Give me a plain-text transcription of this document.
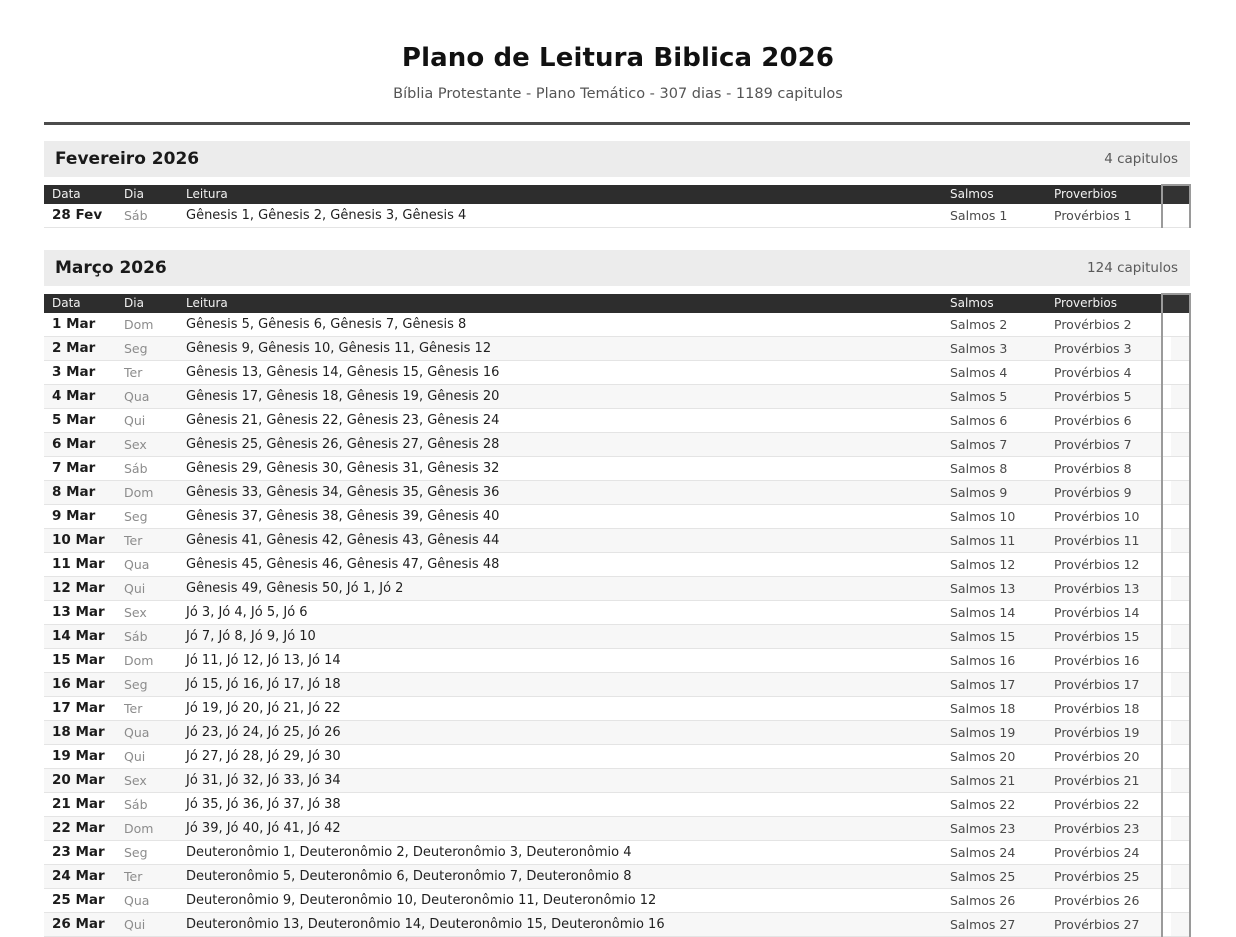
Plano de Leitura Biblica 2026
Bíblia Protestante - Plano Temático - 307 dias - 1189 capitulos
Fevereiro 2026	4 capitulos
Data	Dia	Leitura	Salmos	Proverbios	
28 Fev	Sáb	Gênesis 1, Gênesis 2, Gênesis 3, Gênesis 4	Salmos 1	Provérbios 1	
Março 2026	124 capitulos
Data	Dia	Leitura	Salmos	Proverbios	
1 Mar	Dom	Gênesis 5, Gênesis 6, Gênesis 7, Gênesis 8	Salmos 2	Provérbios 2	

2 Mar	Seg	Gênesis 9, Gênesis 10, Gênesis 11, Gênesis 12	Salmos 3	Provérbios 3	

3 Mar	Ter	Gênesis 13, Gênesis 14, Gênesis 15, Gênesis 16	Salmos 4	Provérbios 4	

4 Mar	Qua	Gênesis 17, Gênesis 18, Gênesis 19, Gênesis 20	Salmos 5	Provérbios 5	

5 Mar	Qui	Gênesis 21, Gênesis 22, Gênesis 23, Gênesis 24	Salmos 6	Provérbios 6	

6 Mar	Sex	Gênesis 25, Gênesis 26, Gênesis 27, Gênesis 28	Salmos 7	Provérbios 7	

7 Mar	Sáb	Gênesis 29, Gênesis 30, Gênesis 31, Gênesis 32	Salmos 8	Provérbios 8	

8 Mar	Dom	Gênesis 33, Gênesis 34, Gênesis 35, Gênesis 36	Salmos 9	Provérbios 9	

9 Mar	Seg	Gênesis 37, Gênesis 38, Gênesis 39, Gênesis 40	Salmos 10	Provérbios 10	

10 Mar	Ter	Gênesis 41, Gênesis 42, Gênesis 43, Gênesis 44	Salmos 11	Provérbios 11	

11 Mar	Qua	Gênesis 45, Gênesis 46, Gênesis 47, Gênesis 48	Salmos 12	Provérbios 12	

12 Mar	Qui	Gênesis 49, Gênesis 50, Jó 1, Jó 2	Salmos 13	Provérbios 13	

13 Mar	Sex	Jó 3, Jó 4, Jó 5, Jó 6	Salmos 14	Provérbios 14	

14 Mar	Sáb	Jó 7, Jó 8, Jó 9, Jó 10	Salmos 15	Provérbios 15	

15 Mar	Dom	Jó 11, Jó 12, Jó 13, Jó 14	Salmos 16	Provérbios 16	

16 Mar	Seg	Jó 15, Jó 16, Jó 17, Jó 18	Salmos 17	Provérbios 17	

17 Mar	Ter	Jó 19, Jó 20, Jó 21, Jó 22	Salmos 18	Provérbios 18	

18 Mar	Qua	Jó 23, Jó 24, Jó 25, Jó 26	Salmos 19	Provérbios 19	

19 Mar	Qui	Jó 27, Jó 28, Jó 29, Jó 30	Salmos 20	Provérbios 20	

20 Mar	Sex	Jó 31, Jó 32, Jó 33, Jó 34	Salmos 21	Provérbios 21	

21 Mar	Sáb	Jó 35, Jó 36, Jó 37, Jó 38	Salmos 22	Provérbios 22	

22 Mar	Dom	Jó 39, Jó 40, Jó 41, Jó 42	Salmos 23	Provérbios 23	

23 Mar	Seg	Deuteronômio 1, Deuteronômio 2, Deuteronômio 3, Deuteronômio 4	Salmos 24	Provérbios 24	

24 Mar	Ter	Deuteronômio 5, Deuteronômio 6, Deuteronômio 7, Deuteronômio 8	Salmos 25	Provérbios 25	

25 Mar	Qua	Deuteronômio 9, Deuteronômio 10, Deuteronômio 11, Deuteronômio 12	Salmos 26	Provérbios 26	

26 Mar	Qui	Deuteronômio 13, Deuteronômio 14, Deuteronômio 15, Deuteronômio 16	Salmos 27	Provérbios 27	
